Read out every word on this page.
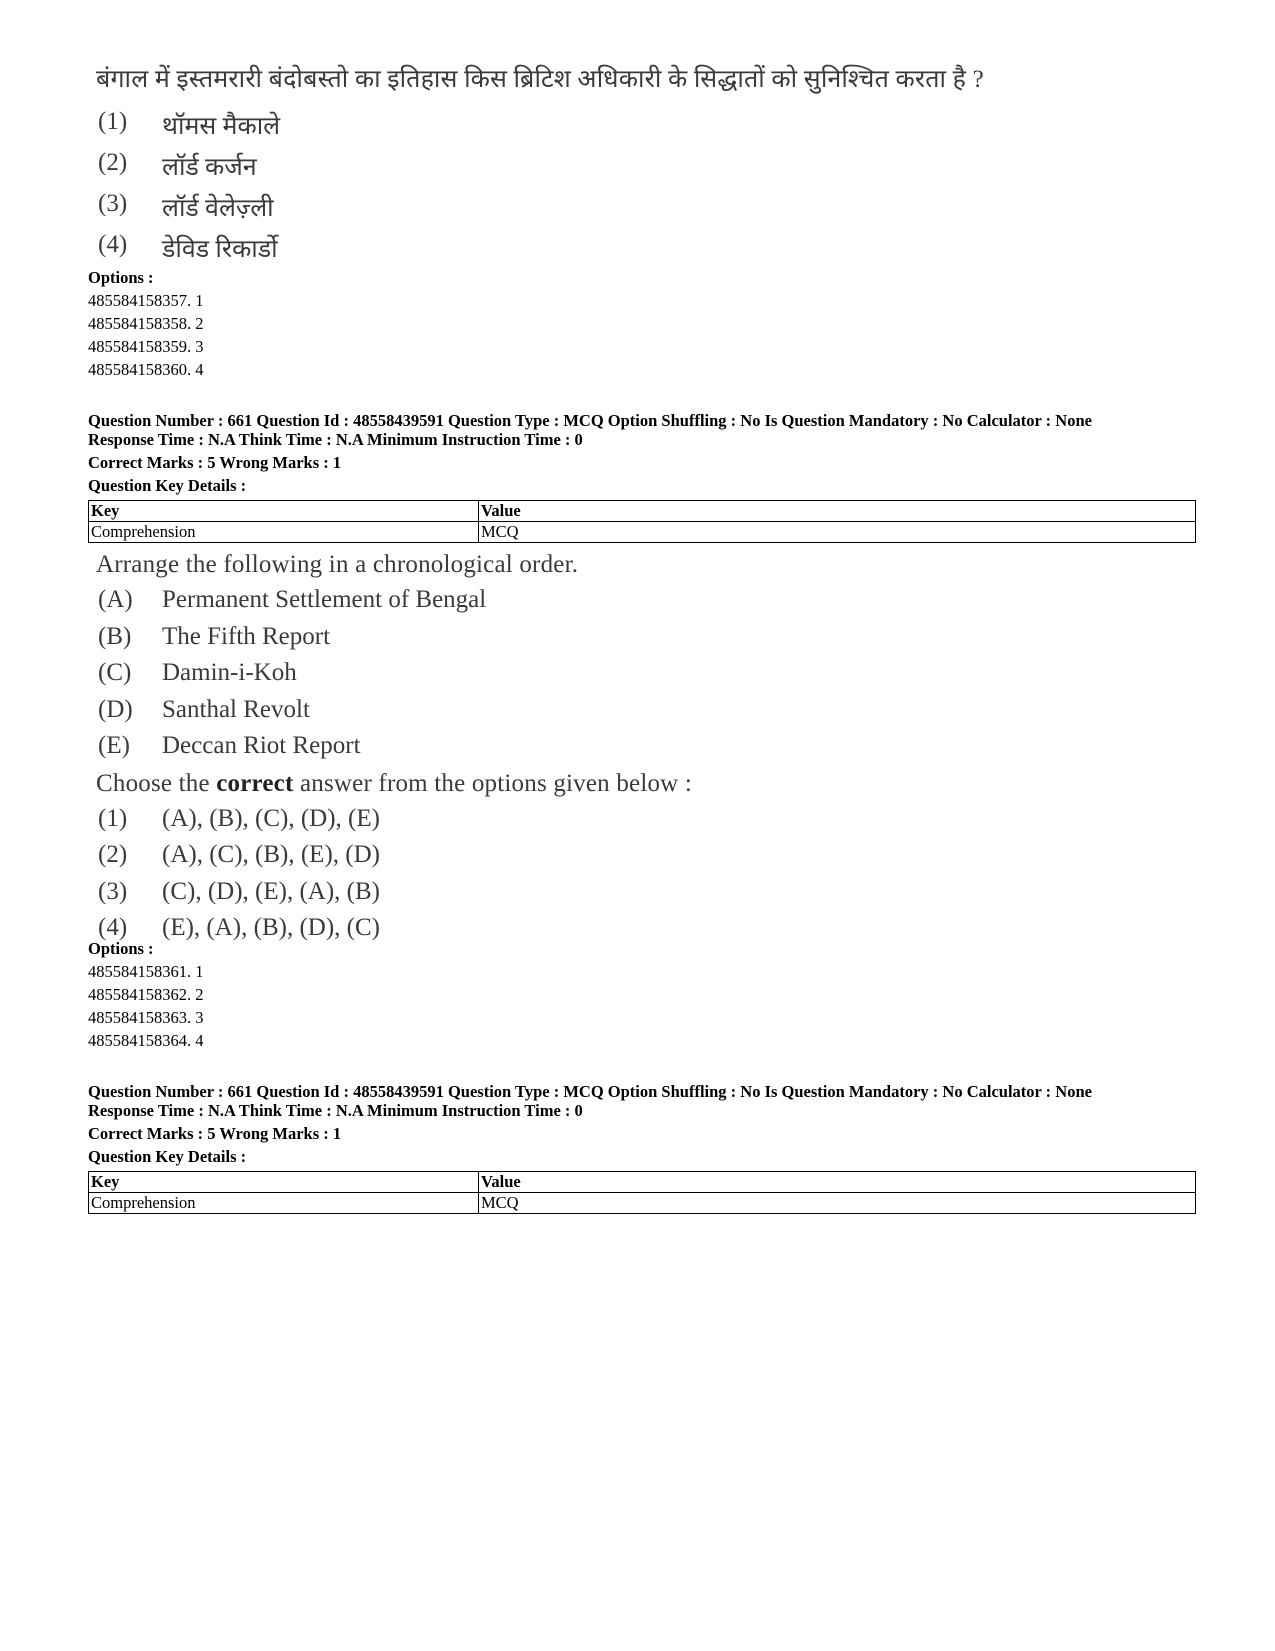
बंगाल में इस्तमरारी बंदोबस्तो का इतिहास किस ब्रिटिश अधिकारी के सिद्धातों को सुनिश्चित करता है ?
(1) थॉमस मैकाले
(2) लॉर्ड कर्जन
(3) लॉर्ड वेलेज़्ली
(4) डेविड रिकार्डो
Options :
485584158357. 1
485584158358. 2
485584158359. 3
485584158360. 4
Question Number : 661 Question Id : 48558439591 Question Type : MCQ Option Shuffling : No Is Question Mandatory : No Calculator : None
Response Time : N.A Think Time : N.A Minimum Instruction Time : 0
Correct Marks : 5 Wrong Marks : 1
Question Key Details :
Key	Value
Comprehension	MCQ
Arrange the following in a chronological order.
(A) Permanent Settlement of Bengal
(B) The Fifth Report
(C) Damin-i-Koh
(D) Santhal Revolt
(E) Deccan Riot Report
Choose the correct answer from the options given below :
(1) (A), (B), (C), (D), (E)
(2) (A), (C), (B), (E), (D)
(3) (C), (D), (E), (A), (B)
(4) (E), (A), (B), (D), (C)
Options :
485584158361. 1
485584158362. 2
485584158363. 3
485584158364. 4
Question Number : 661 Question Id : 48558439591 Question Type : MCQ Option Shuffling : No Is Question Mandatory : No Calculator : None
Response Time : N.A Think Time : N.A Minimum Instruction Time : 0
Correct Marks : 5 Wrong Marks : 1
Question Key Details :
Key	Value
Comprehension	MCQ
